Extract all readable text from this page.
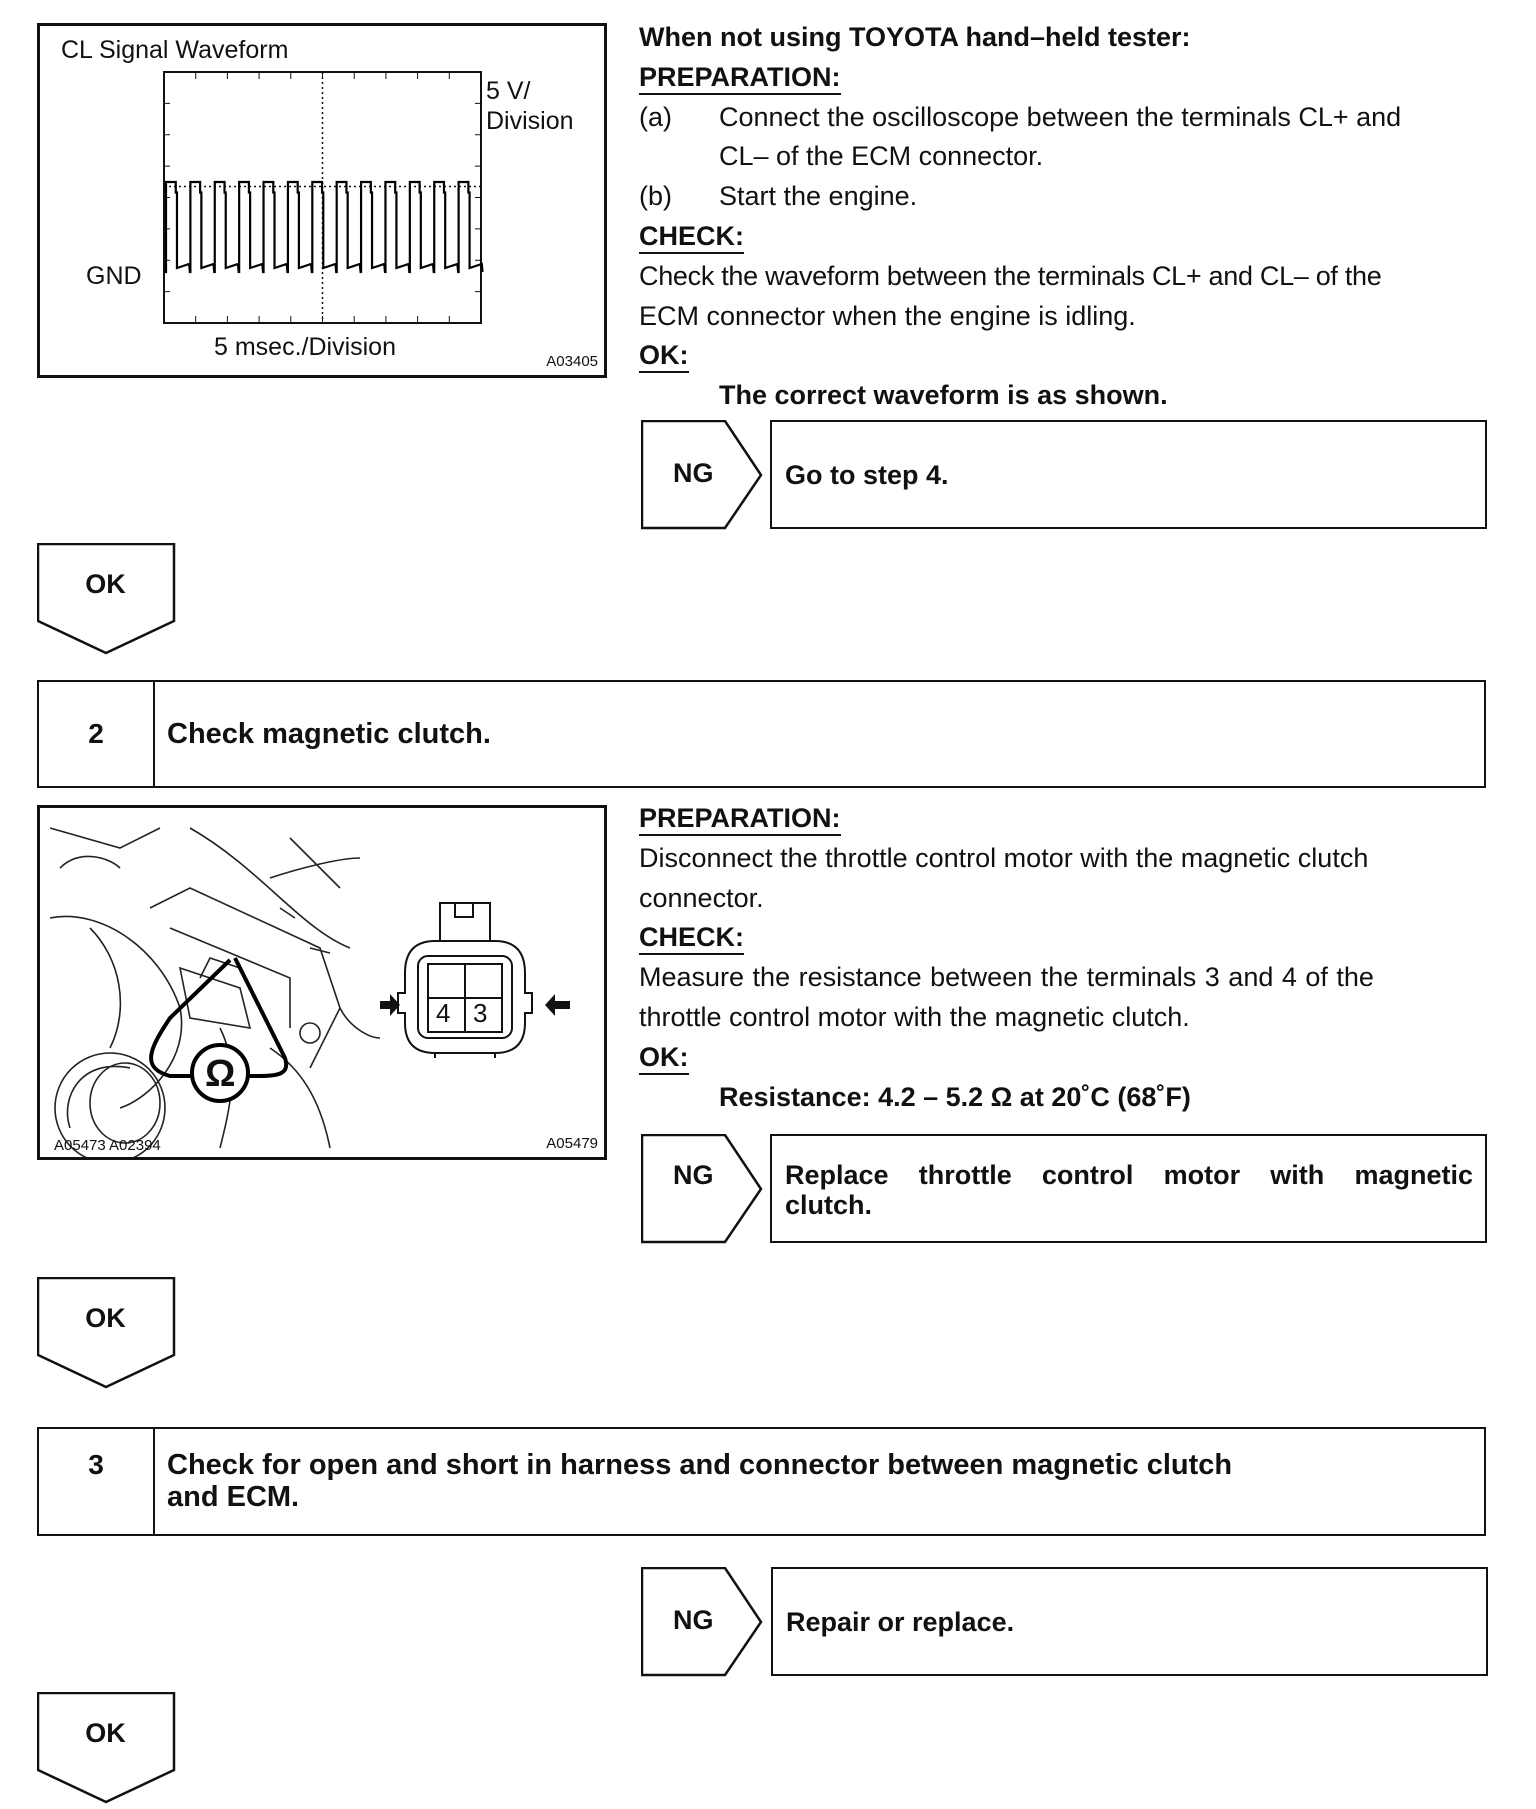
CL Signal Waveform
5 V/
Division
GND
5 msec./Division
A03405
When not using TOYOTA hand–held tester:
PREPARATION:
(a) Connect the oscilloscope between the terminals CL+ and
CL– of the ECM connector.
(b) Start the engine.
CHECK:
Check the waveform between the terminals CL+ and CL– of the
ECM connector when the engine is idling.
OK:
The correct waveform is as shown.
NG	Go to step 4.
OK
2	Check magnetic clutch.
Ω
4 3
A05473 A02394	A05479
PREPARATION:
Disconnect the throttle control motor with the magnetic clutch
connector.
CHECK:
Measure the resistance between the terminals 3 and 4 of the
throttle control motor with the magnetic clutch.
OK:
Resistance: 4.2 – 5.2 Ω at 20˚C (68˚F)
NG	Replace throttle control motor with magnetic
clutch.
OK
3	Check for open and short in harness and connector between magnetic clutch
and ECM.
NG	Repair or replace.
OK
